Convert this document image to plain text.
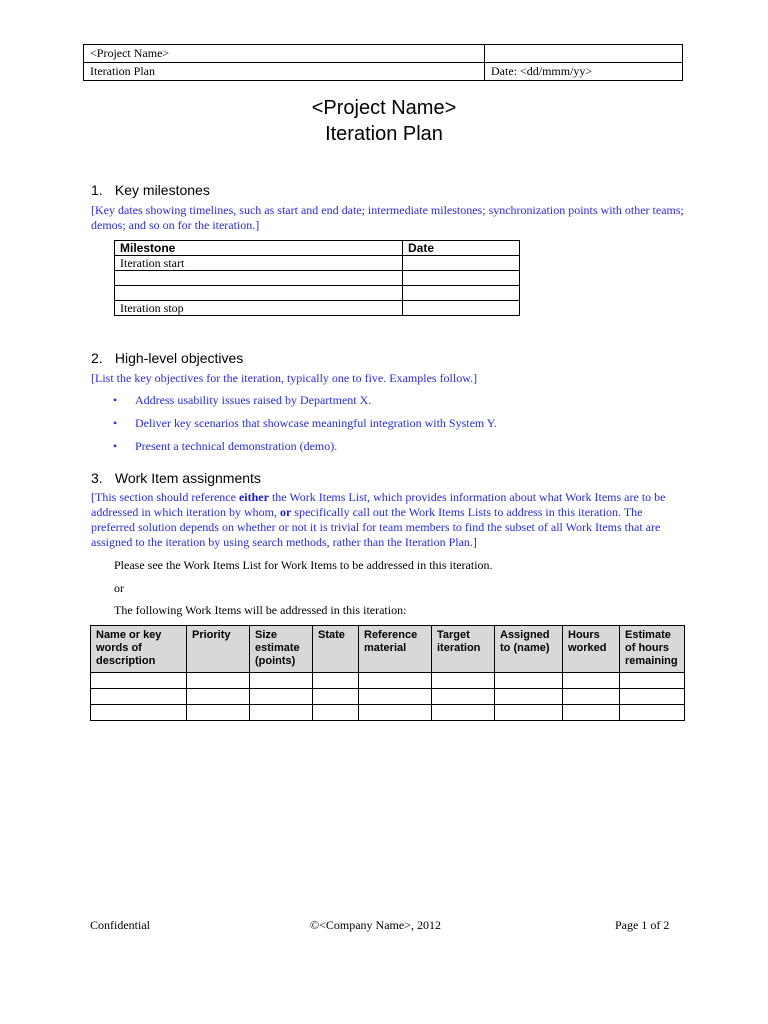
<Project Name>	
Iteration Plan	Date: <dd/mmm/yy>
<Project Name>
Iteration Plan
1. Key milestones
[Key dates showing timelines, such as start and end date; intermediate milestones; synchronization points with other teams; demos; and so on for the iteration.]
Milestone	Date
Iteration start	

Iteration stop	
2. High-level objectives
[List the key objectives for the iteration, typically one to five. Examples follow.]
• Address usability issues raised by Department X.
• Deliver key scenarios that showcase meaningful integration with System Y.
• Present a technical demonstration (demo).
3. Work Item assignments
[This section should reference either the Work Items List, which provides information about what Work Items are to be addressed in which iteration by whom, or specifically call out the Work Items Lists to address in this iteration. The preferred solution depends on whether or not it is trivial for team members to find the subset of all Work Items that are assigned to the iteration by using search methods, rather than the Iteration Plan.]
Please see the Work Items List for Work Items to be addressed in this iteration.
or
The following Work Items will be addressed in this iteration:
Name or key words of description	Priority	Size estimate (points)	State	Reference material	Target iteration	Assigned to (name)	Hours worked	Estimate of hours remaining

Confidential	©<Company Name>, 2012	Page 1 of 2
